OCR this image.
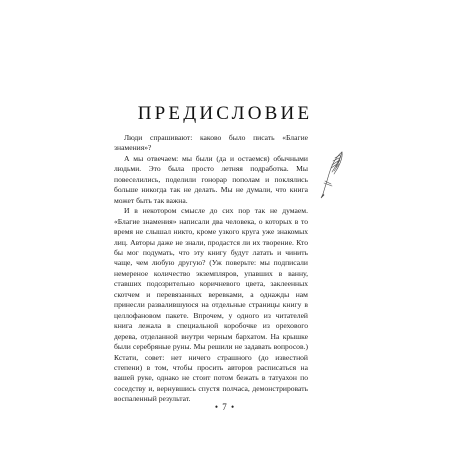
ПРЕДИСЛОВИЕ

Люди спрашивают: каково было писать «Благие знамения»?

А мы отвечаем: мы были (да и остаемся) обычными людьми. Это была просто летняя подработка. Мы повеселились, поделили гонорар пополам и поклялись больше никогда так не делать. Мы не думали, что книга может быть так важна.

И в некотором смысле до сих пор так не думаем. «Благие знамения» написали два человека, о которых в то время не слышал никто, кроме узкого круга уже знакомых лиц. Авторы даже не знали, продастся ли их творение. Кто бы мог подумать, что эту книгу будут латать и чинить чаще, чем любую другую? (Уж поверьте: мы подписали немереное количество экземпляров, упавших в ванну, ставших подозрительно коричневого цвета, заклеенных скотчем и перевязанных веревками, а однажды нам принесли развалившуюся на отдельные страницы книгу в целлофановом пакете. Впрочем, у одного из читателей книга лежала в специальной коробочке из орехового дерева, отделанной внутри черным бархатом. На крышке были серебряные руны. Мы решили не задавать вопросов.) Кстати, совет: нет ничего страшного (до известной степени) в том, чтобы просить авторов расписаться на вашей руке, однако не стоит потом бежать в татуахон по соседству и, вернувшись спустя полчаса, демонстрировать воспаленный результат.

• 7 •
